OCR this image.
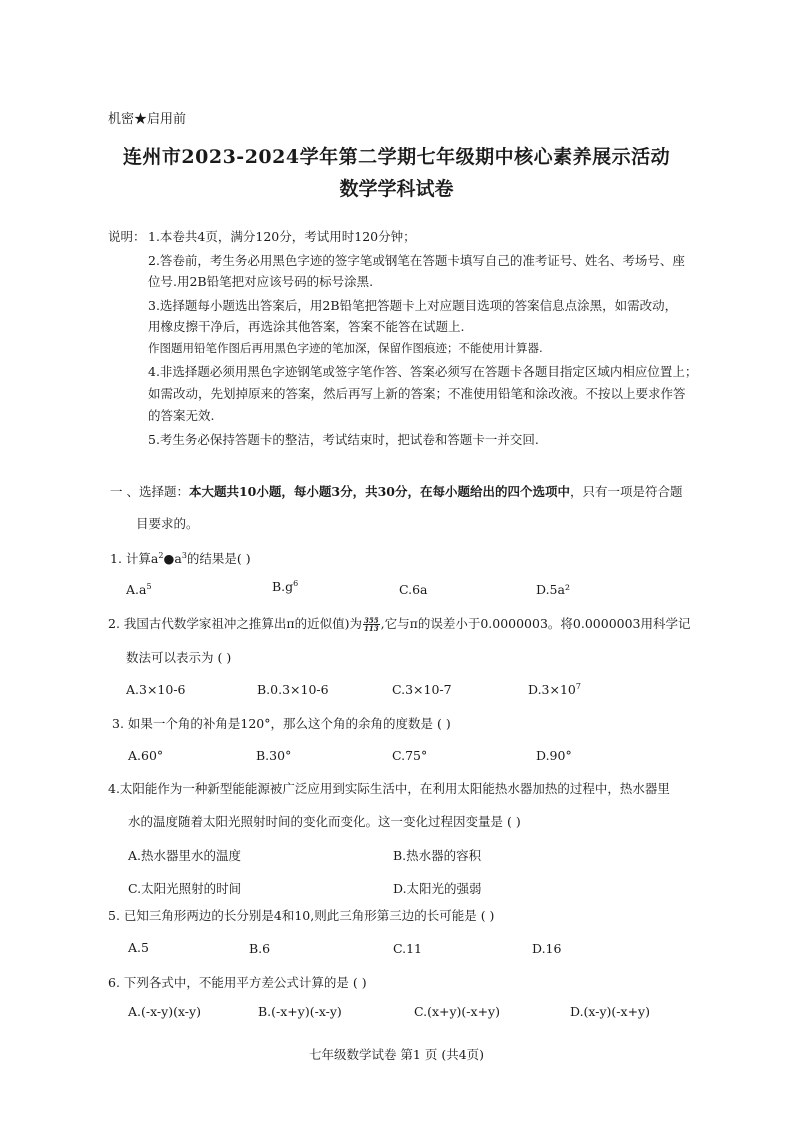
机密★启用前
连州市2023-2024学年第二学期七年级期中核心素养展示活动
数学学科试卷
说明： 1.本卷共4页，满分120分，考试用时120分钟；
2.答卷前，考生务必用黑色字迹的签字笔或钢笔在答题卡填写自己的准考证号、姓名、考场号、座
位号.用2B铅笔把对应该号码的标号涂黑.
3.选择题每小题选出答案后，用2B铅笔把答题卡上对应题目选项的答案信息点涂黑，如需改动，
用橡皮擦干净后，再选涂其他答案，答案不能答在试题上.
作图题用铅笔作图后再用黑色字迹的笔加深，保留作图痕迹；不能使用计算器.
4.非选择题必须用黑色字迹钢笔或签字笔作答、答案必须写在答题卡各题目指定区域内相应位置上；
如需改动，先划掉原来的答案，然后再写上新的答案；不准使用铅笔和涂改液。不按以上要求作答
的答案无效.
5.考生务必保持答题卡的整洁，考试结束时，把试卷和答题卡一并交回.
一 、选择题：本大题共10小题，每小题3分，共30分，在每小题给出的四个选项中，只有一项是符合题
目要求的。
1. 计算$a^2●a^3$的结果是( )
$A.a^5$	$B.g^6$	C.6a	D.5a²
2. 我国古代数学家祖冲之推算出π的近似值)为 $\frac{355}{113}$ ,它与π的误差小于0.0000003。将0.0000003用科学记
数法可以表示为 ( )
A.3×10-6	B.0.3×10-6	C.3×10-7	$D.3\times 10^7$
3. 如果一个角的补角是120°，那么这个角的余角的度数是 ( )
A.60°	B.30°	C.75°	D.90°
4.太阳能作为一种新型能能源被广泛应用到实际生活中，在利用太阳能热水器加热的过程中，热水器里
水的温度随着太阳光照射时间的变化而变化。这一变化过程因变量是 ( )
A.热水器里水的温度	B.热水器的容积
C.太阳光照射的时间	D.太阳光的强弱
5. 已知三角形两边的长分别是4和10,则此三角形第三边的长可能是 ( )
A.5	B.6	C.11	D.16
6. 下列各式中，不能用平方差公式计算的是 ( )
A.(-x-y)(x-y)	B.(-x+y)(-x-y)	C.(x+y)(-x+y)	D.(x-y)(-x+y)
七年级数学试卷 第1 页 (共4页)
